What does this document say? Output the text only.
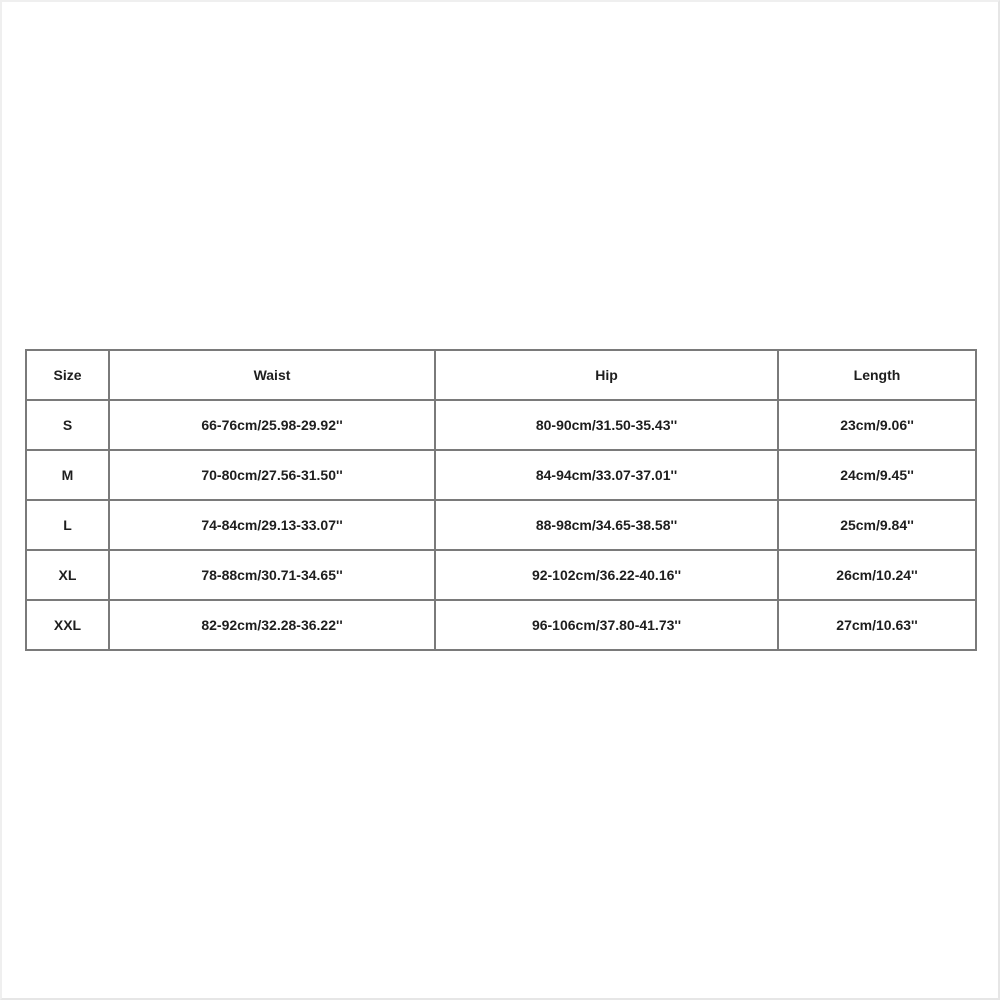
Size	Waist	Hip	Length
S	66-76cm/25.98-29.92''	80-90cm/31.50-35.43''	23cm/9.06''
M	70-80cm/27.56-31.50''	84-94cm/33.07-37.01''	24cm/9.45''
L	74-84cm/29.13-33.07''	88-98cm/34.65-38.58''	25cm/9.84''
XL	78-88cm/30.71-34.65''	92-102cm/36.22-40.16''	26cm/10.24''
XXL	82-92cm/32.28-36.22''	96-106cm/37.80-41.73''	27cm/10.63''
